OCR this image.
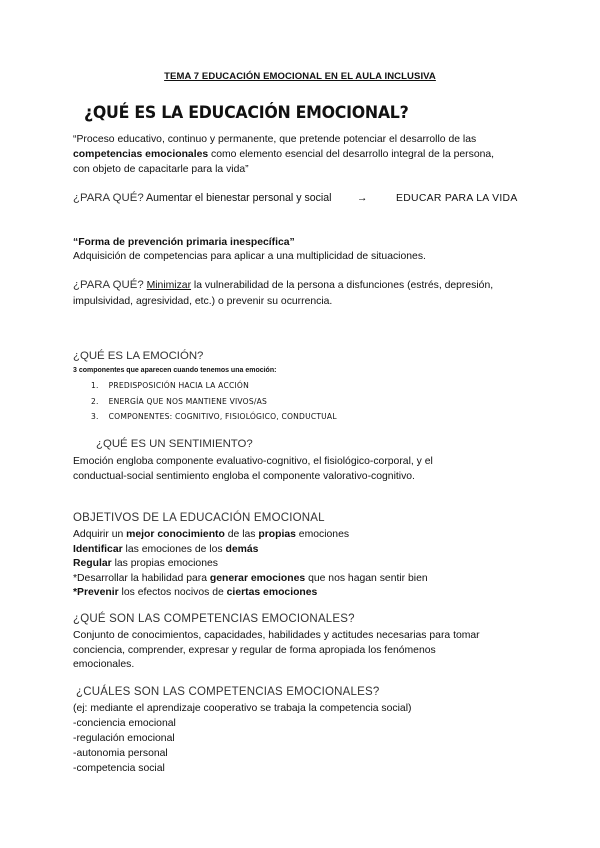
TEMA 7 EDUCACIÓN EMOCIONAL EN EL AULA INCLUSIVA
¿QUÉ ES LA EDUCACIÓN EMOCIONAL?
“Proceso educativo, continuo y permanente, que pretende potenciar el desarrollo de las
competencias emocionales como elemento esencial del desarrollo integral de la persona,
con objeto de capacitarle para la vida”
¿PARA QUÉ? Aumentar el bienestar personal y social →	EDUCAR PARA LA VIDA
“Forma de prevención primaria inespecífica”
Adquisición de competencias para aplicar a una multiplicidad de situaciones.
¿PARA QUÉ? Minimizar la vulnerabilidad de la persona a disfunciones (estrés, depresión,
impulsividad, agresividad, etc.) o prevenir su ocurrencia.
¿QUÉ ES LA EMOCIÓN?
3 componentes que aparecen cuando tenemos una emoción:
1. PREDISPOSICIÓN HACIA LA ACCIÓN
2. ENERGÍA QUE NOS MANTIENE VIVOS/AS
3. COMPONENTES: COGNITIVO, FISIOLÓGICO, CONDUCTUAL
¿QUÉ ES UN SENTIMIENTO?
Emoción engloba componente evaluativo-cognitivo, el fisiológico-corporal, y el
conductual-social sentimiento engloba el componente valorativo-cognitivo.
OBJETIVOS DE LA EDUCACIÓN EMOCIONAL
Adquirir un mejor conocimiento de las propias emociones
Identificar las emociones de los demás
Regular las propias emociones
*Desarrollar la habilidad para generar emociones que nos hagan sentir bien
*Prevenir los efectos nocivos de ciertas emociones
¿QUÉ SON LAS COMPETENCIAS EMOCIONALES?
Conjunto de conocimientos, capacidades, habilidades y actitudes necesarias para tomar
conciencia, comprender, expresar y regular de forma apropiada los fenómenos
emocionales.
¿CUÁLES SON LAS COMPETENCIAS EMOCIONALES?
(ej: mediante el aprendizaje cooperativo se trabaja la competencia social)
-conciencia emocional
-regulación emocional
-autonomia personal
-competencia social
